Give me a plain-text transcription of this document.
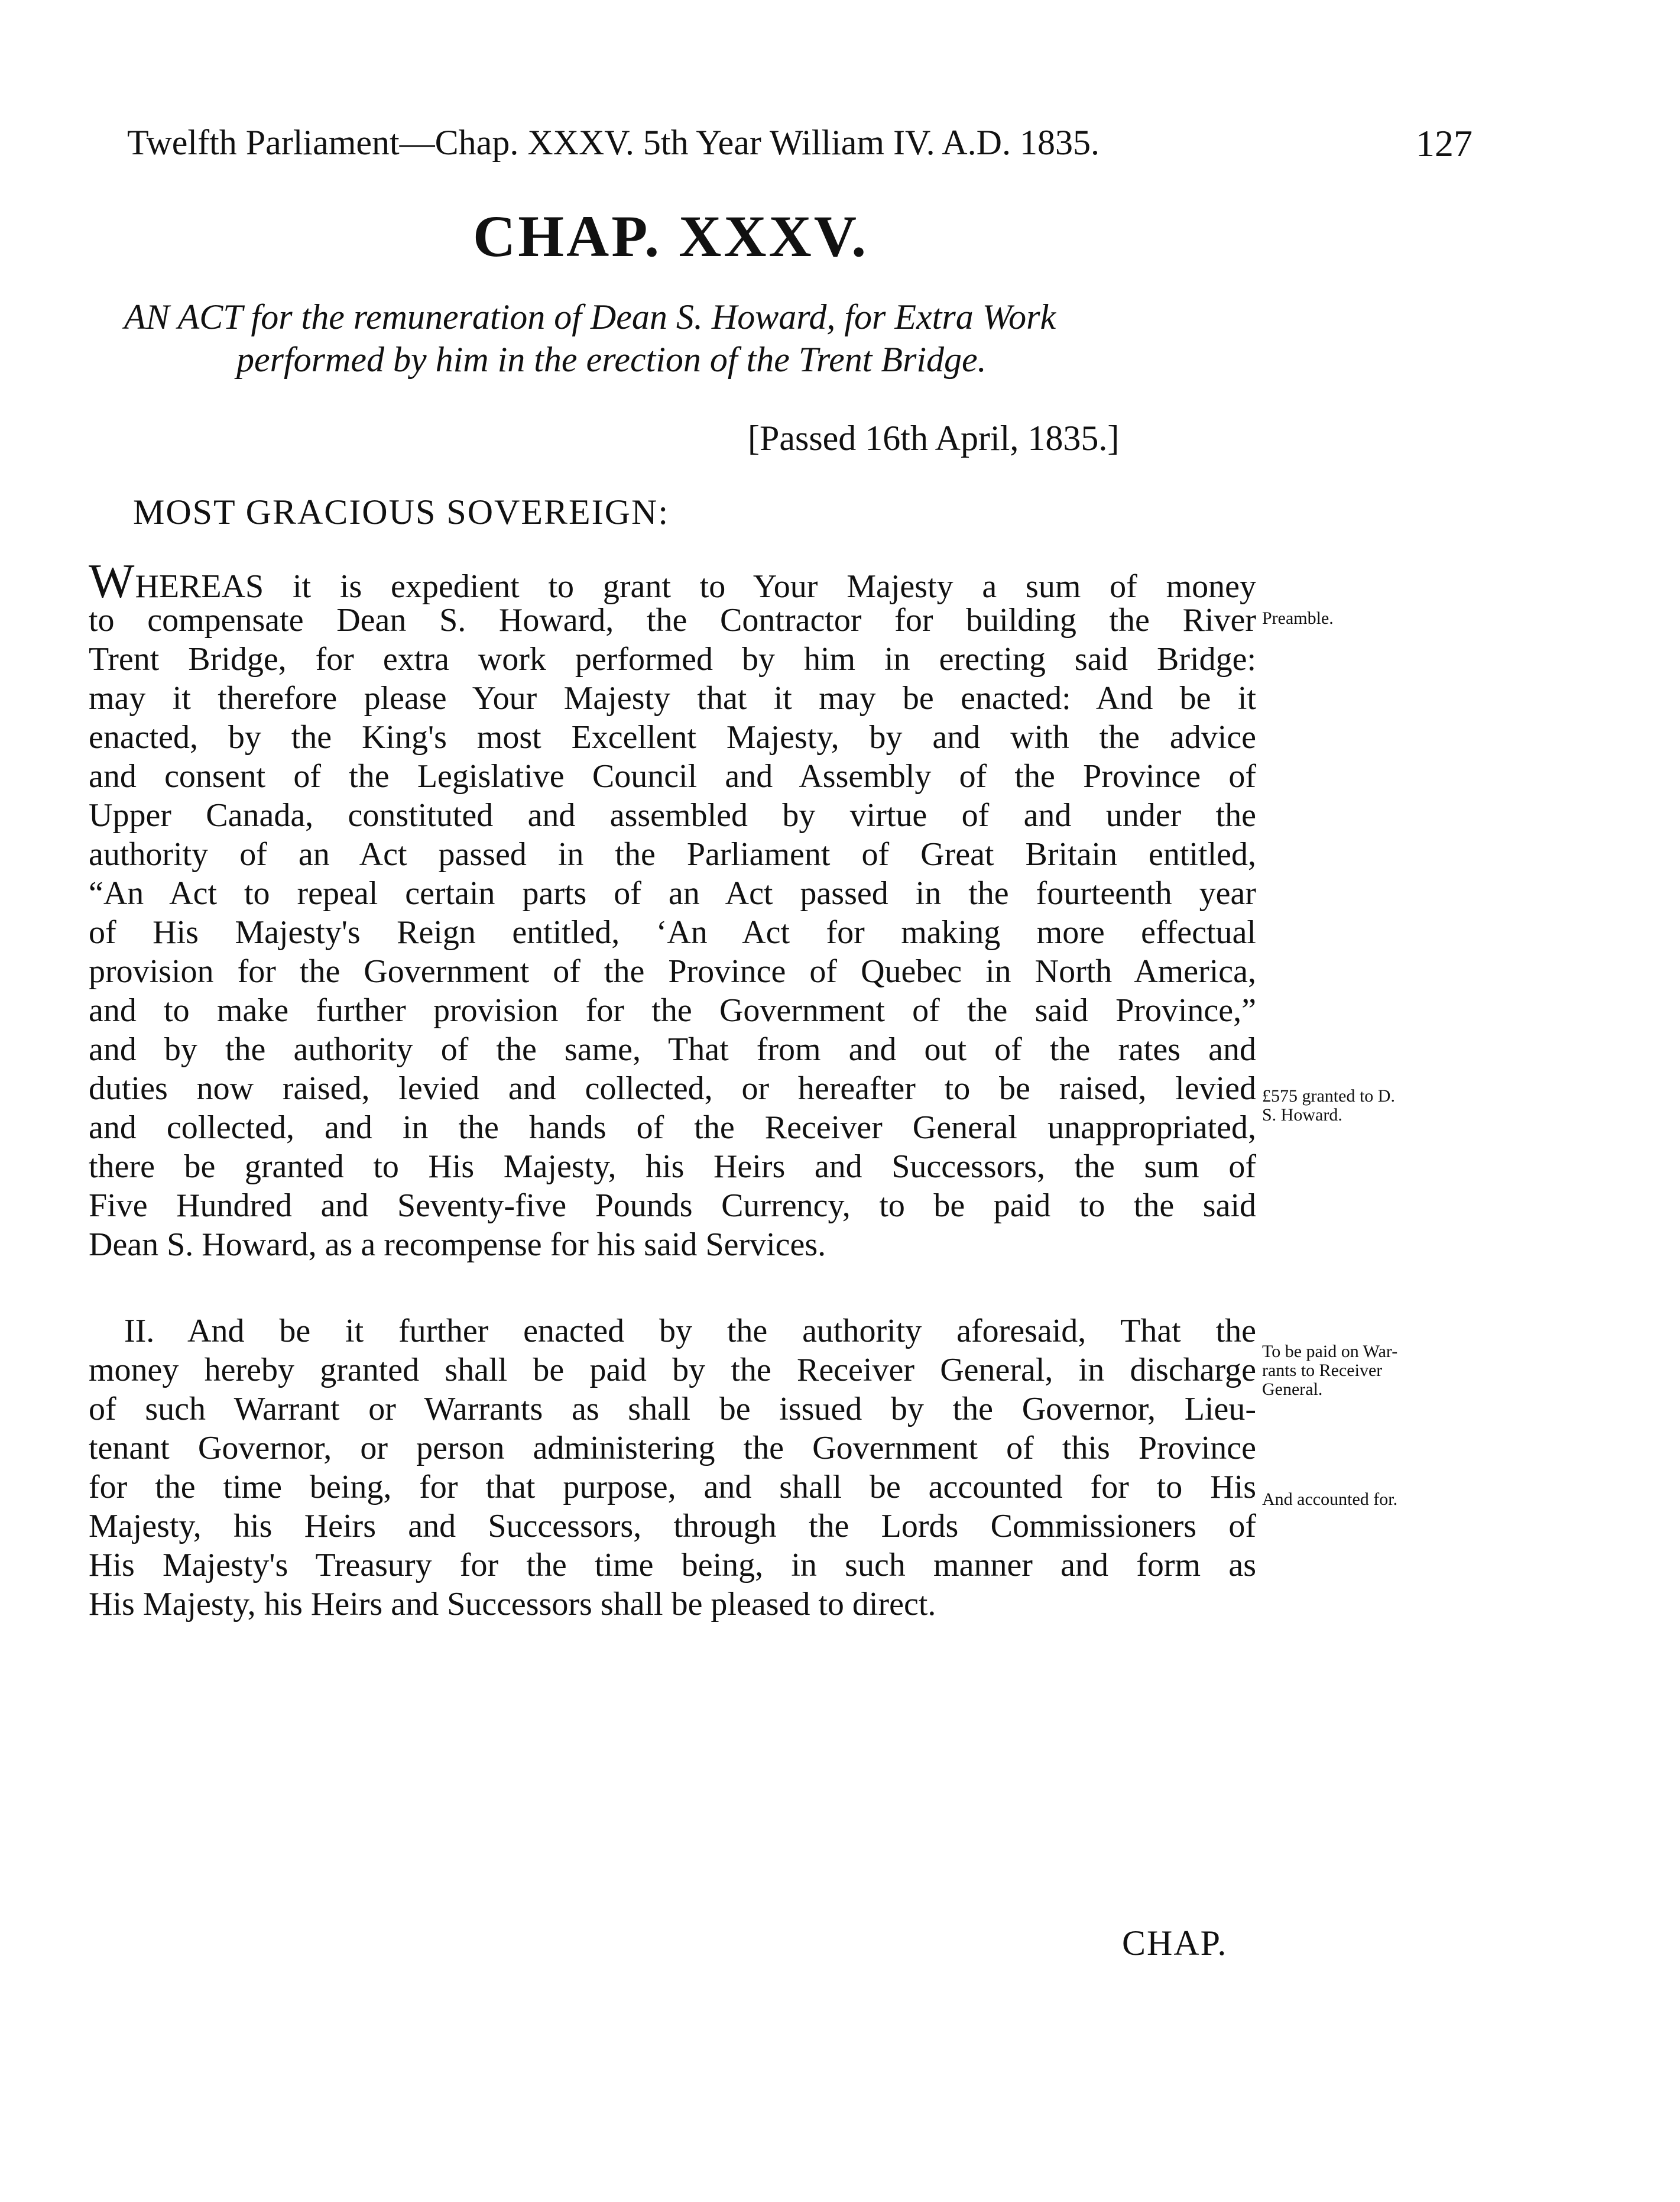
Twelfth Parliament—Chap. XXXV. 5th Year William IV. A.D. 1835.	127
CHAP. XXXV.
AN ACT for the remuneration of Dean S. Howard, for Extra Work
performed by him in the erection of the Trent Bridge.
[Passed 16th April, 1835.]
MOST GRACIOUS SOVEREIGN:
WHEREAS it is expedient to grant to Your Majesty a sum of money
to compensate Dean S. Howard, the Contractor for building the River
Trent Bridge, for extra work performed by him in erecting said Bridge:
may it therefore please Your Majesty that it may be enacted: And be it
enacted, by the King's most Excellent Majesty, by and with the advice
and consent of the Legislative Council and Assembly of the Province of
Upper Canada, constituted and assembled by virtue of and under the
authority of an Act passed in the Parliament of Great Britain entitled,
“An Act to repeal certain parts of an Act passed in the fourteenth year
of His Majesty's Reign entitled, ‘An Act for making more effectual
provision for the Government of the Province of Quebec in North America,
and to make further provision for the Government of the said Province,”
and by the authority of the same, That from and out of the rates and
duties now raised, levied and collected, or hereafter to be raised, levied
and collected, and in the hands of the Receiver General unappropriated,
there be granted to His Majesty, his Heirs and Successors, the sum of
Five Hundred and Seventy-five Pounds Currency, to be paid to the said
Dean S. Howard, as a recompense for his said Services.
II. And be it further enacted by the authority aforesaid, That the
money hereby granted shall be paid by the Receiver General, in discharge
of such Warrant or Warrants as shall be issued by the Governor, Lieu-
tenant Governor, or person administering the Government of this Province
for the time being, for that purpose, and shall be accounted for to His
Majesty, his Heirs and Successors, through the Lords Commissioners of
His Majesty's Treasury for the time being, in such manner and form as
His Majesty, his Heirs and Successors shall be pleased to direct.
Preamble.
£575 granted to D.
S. Howard.
To be paid on War-
rants to Receiver
General.
And accounted for.
CHAP.
